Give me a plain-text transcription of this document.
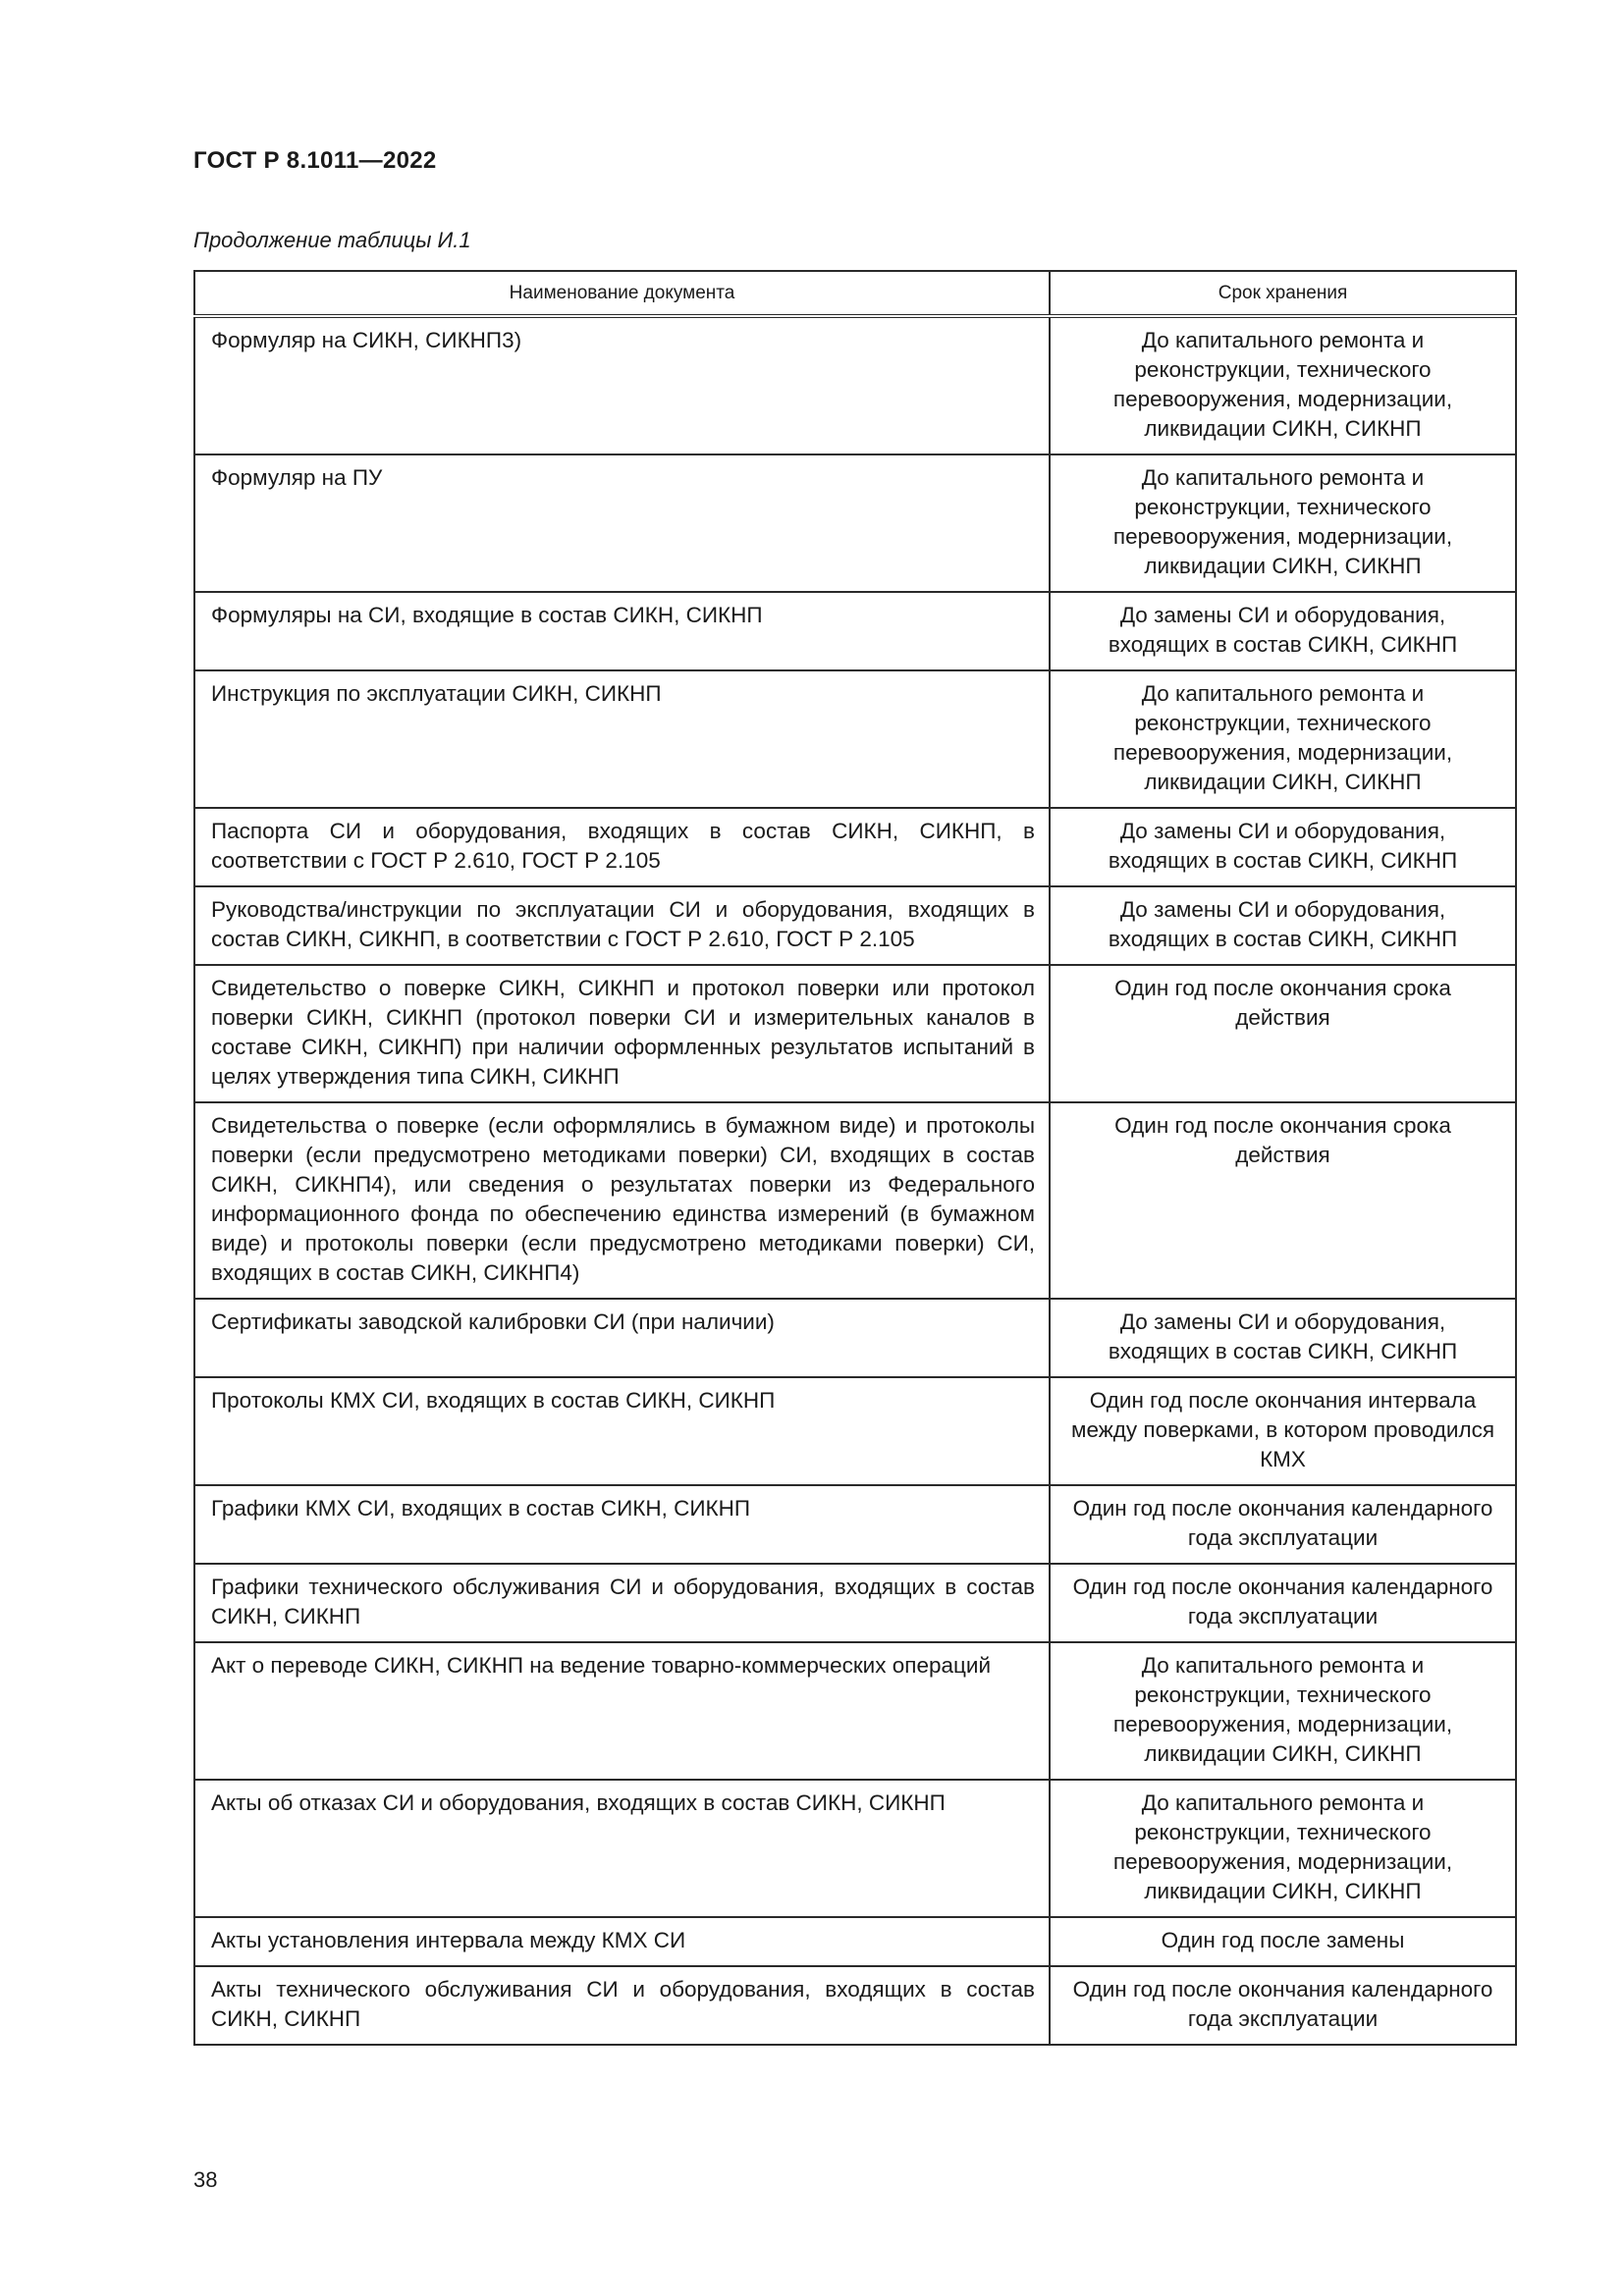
ГОСТ Р 8.1011—2022
Продолжение таблицы И.1
Наименование документа	Срок хранения
Формуляр на СИКН, СИКНП3)	До капитального ремонта и реконструкции, технического перевооружения, модернизации, ликвидации СИКН, СИКНП
Формуляр на ПУ	До капитального ремонта и реконструкции, технического перевооружения, модернизации, ликвидации СИКН, СИКНП
Формуляры на СИ, входящие в состав СИКН, СИКНП	До замены СИ и оборудования, входящих в состав СИКН, СИКНП
Инструкция по эксплуатации СИКН, СИКНП	До капитального ремонта и реконструкции, технического перевооружения, модернизации, ликвидации СИКН, СИКНП
Паспорта СИ и оборудования, входящих в состав СИКН, СИКНП, в соответствии с ГОСТ Р 2.610, ГОСТ Р 2.105	До замены СИ и оборудования, входящих в состав СИКН, СИКНП
Руководства/инструкции по эксплуатации СИ и оборудования, входящих в состав СИКН, СИКНП, в соответствии с ГОСТ Р 2.610, ГОСТ Р 2.105	До замены СИ и оборудования, входящих в состав СИКН, СИКНП
Свидетельство о поверке СИКН, СИКНП и протокол поверки или протокол поверки СИКН, СИКНП (протокол поверки СИ и измерительных каналов в составе СИКН, СИКНП) при наличии оформленных результатов испытаний в целях утверждения типа СИКН, СИКНП	Один год после окончания срока действия
Свидетельства о поверке (если оформлялись в бумажном виде) и протоколы поверки (если предусмотрено методиками поверки) СИ, входящих в состав СИКН, СИКНП4), или сведения о результатах поверки из Федерального информационного фонда по обеспечению единства измерений (в бумажном виде) и протоколы поверки (если предусмотрено методиками поверки) СИ, входящих в состав СИКН, СИКНП4)	Один год после окончания срока действия
Сертификаты заводской калибровки СИ (при наличии)	До замены СИ и оборудования, входящих в состав СИКН, СИКНП
Протоколы КМХ СИ, входящих в состав СИКН, СИКНП	Один год после окончания интервала между поверками, в котором проводился КМХ
Графики КМХ СИ, входящих в состав СИКН, СИКНП	Один год после окончания календарного года эксплуатации
Графики технического обслуживания СИ и оборудования, входящих в состав СИКН, СИКНП	Один год после окончания календарного года эксплуатации
Акт о переводе СИКН, СИКНП на ведение товарно-коммерческих операций	До капитального ремонта и реконструкции, технического перевооружения, модернизации, ликвидации СИКН, СИКНП
Акты об отказах СИ и оборудования, входящих в состав СИКН, СИКНП	До капитального ремонта и реконструкции, технического перевооружения, модернизации, ликвидации СИКН, СИКНП
Акты установления интервала между КМХ СИ	Один год после замены
Акты технического обслуживания СИ и оборудования, входящих в состав СИКН, СИКНП	Один год после окончания календарного года эксплуатации
38
